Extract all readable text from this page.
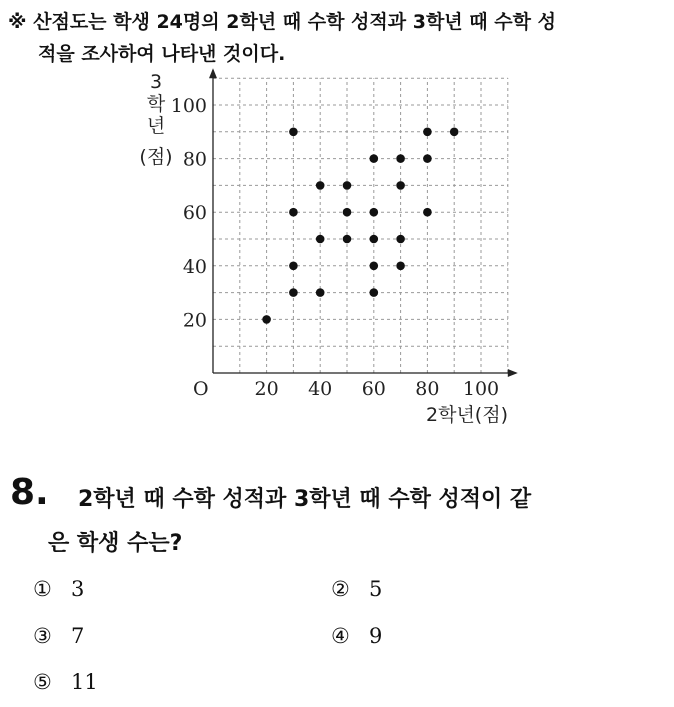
※ 산점도는 학생 24명의 2학년 때 수학 성적과 3학년 때 수학 성
적을 조사하여 나타낸 것이다.
O 20 40 60 80 100
20
40
60
80
100
3
학
년
(점)
2학년(점)
8.	2학년 때 수학 성적과 3학년 때 수학 성적이 같
은 학생 수는?
① 3	② 5
③ 7	④ 9
⑤ 11
